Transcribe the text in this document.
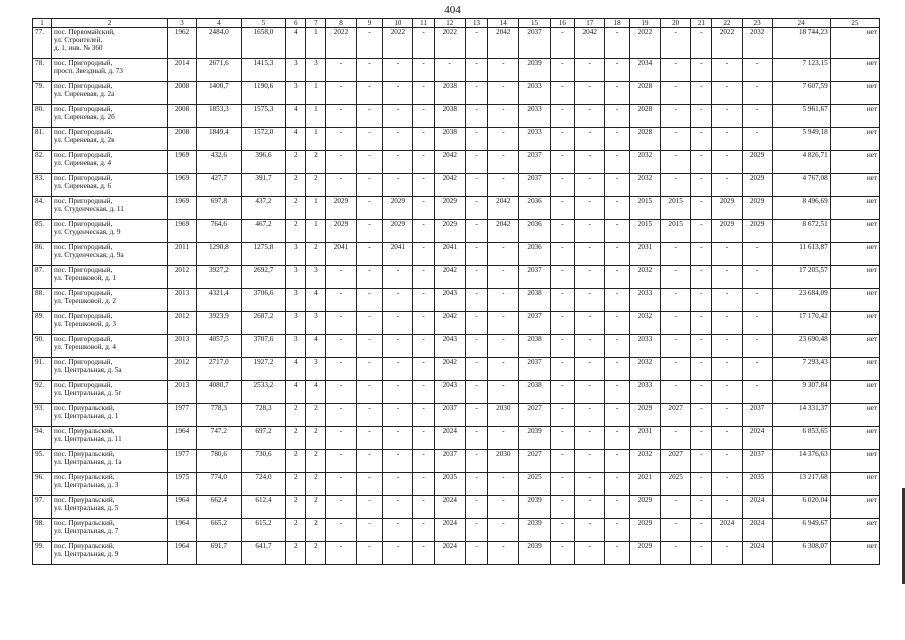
404
1	2	3	4	5	6	7	8	9	10	11	12	13	14	15	16	17	18	19	20	21	22	23	24	25
77.	пос. Первомайский,
ул. Строителей,
д. 1, инв. № 360	1962	2484,0	1658,0	4	1	2022	-	2022	-	2022	-	2042	2037	-	2042	-	2022	-	-	2022	2032	18 744,23	нет
78.	пос. Пригородный,
просп. Звездный, д. 73	2014	2671,6	1415,3	3	3	-	-	-	-	-	-	-	2039	-	-	-	2034	-	-	-	-	7 123,15	нет
79.	пос. Пригородный,
ул. Сиреневая, д. 2а	2008	1400,7	1190,6	3	1	-	-	-	-	2038	-	-	2033	-	-	-	2028	-	-	-	-	7 607,59	нет
80.	пос. Пригородный,
ул. Сиреневая, д. 2б	2008	1853,3	1575,3	4	1	-	-	-	-	2038	-	-	2033	-	-	-	2028	-	-	-	-	5 961,67	нет
81.	пос. Пригородный,
ул. Сиреневая, д. 2в	2008	1849,4	1572,0	4	1	-	-	-	-	2038	-	-	2033	-	-	-	2028	-	-	-	-	5 949,18	нет
82.	пос. Пригородный,
ул. Сиреневая, д. 4	1969	432,6	396,6	2	2	-	-	-	-	2042	-	-	2037	-	-	-	2032	-	-	-	2029	4 826,71	нет
83.	пос. Пригородный,
ул. Сиреневая, д. 6	1969	427,7	391,7	2	2	-	-	-	-	2042	-	-	2037	-	-	-	2032	-	-	-	2029	4 767,08	нет
84.	пос. Пригородный,
ул. Студенческая, д. 11	1969	697,8	437,2	2	1	2029	-	2029	-	2029	-	2042	2036	-	-	-	2015	2015	-	2029	2029	8 496,69	нет
85.	пос. Пригородный,
ул. Студенческая, д. 9	1969	764,6	467,2	2	1	2029	-	2029	-	2029	-	2042	2036	-	-	-	2015	2015	-	2029	2029	8 672,51	нет
86.	пос. Пригородный,
ул. Студенческая, д. 9а	2011	1290,8	1275,8	3	2	2041	-	2041	-	2041	-	-	2036	-	-	-	2031	-	-	-	-	11 613,87	нет
87.	пос. Пригородный,
ул. Терешковой, д. 1	2012	3927,2	2692,7	3	3	-	-	-	-	2042	-	-	2037	-	-	-	2032	-	-	-	-	17 205,57	нет
88.	пос. Пригородный,
ул. Терешковой, д. 2	2013	4321,4	3706,6	3	4	-	-	-	-	2043	-	-	2038	-	-	-	2033	-	-	-	-	23 684,09	нет
89.	пос. Пригородный,
ул. Терешковой, д. 3	2012	3923,9	2687,2	3	3	-	-	-	-	2042	-	-	2037	-	-	-	2032	-	-	-	-	17 170,42	нет
90.	пос. Пригородный,
ул. Терешковой, д. 4	2013	4057,5	3707,6	3	4	-	-	-	-	2043	-	-	2038	-	-	-	2033	-	-	-	-	23 690,48	нет
91.	пос. Пригородный,
ул. Центральная, д. 5а	2012	2717,0	1927,2	4	3	-	-	-	-	2042	-	-	2037	-	-	-	2032	-	-	-	-	7 293,43	нет
92.	пос. Пригородный,
ул. Центральная, д. 5г	2013	4080,7	2533,2	4	4	-	-	-	-	2043	-	-	2038	-	-	-	2033	-	-	-	-	9 307,84	нет
93.	пос. Приуральский,
ул. Центральная, д. 1	1977	778,3	728,3	2	2	-	-	-	-	2037	-	2030	2027	-	-	-	2029	2027	-	-	2037	14 331,37	нет
94.	пос. Приуральский,
ул. Центральная, д. 11	1964	747,2	697,2	2	2	-	-	-	-	2024	-	-	2039	-	-	-	2031	-	-	-	2024	6 853,65	нет
95.	пос. Приуральский,
ул. Центральная, д. 1а	1977	780,6	730,6	2	2	-	-	-	-	2037	-	2030	2027	-	-	-	2032	2027	-	-	2037	14 376,63	нет
96.	пос. Приуральский,
ул. Центральная, д. 3	1975	774,0	724,0	2	2	-	-	-	-	2035	-	-	2025	-	-	-	2021	2025	-	-	2035	13 217,68	нет
97.	пос. Приуральский,
ул. Центральная, д. 5	1964	662,4	612,4	2	2	-	-	-	-	2024	-	-	2039	-	-	-	2029	-	-	-	2024	6 020,04	нет
98.	пос. Приуральский,
ул. Центральная, д. 7	1964	665,2	615,2	2	2	-	-	-	-	2024	-	-	2039	-	-	-	2029	-	-	2024	2024	6 949,67	нет
99.	пос. Приуральский,
ул. Центральная, д. 9	1964	691,7	641,7	2	2	-	-	-	-	2024	-	-	2039	-	-	-	2029	-	-	-	2024	6 308,07	нет
